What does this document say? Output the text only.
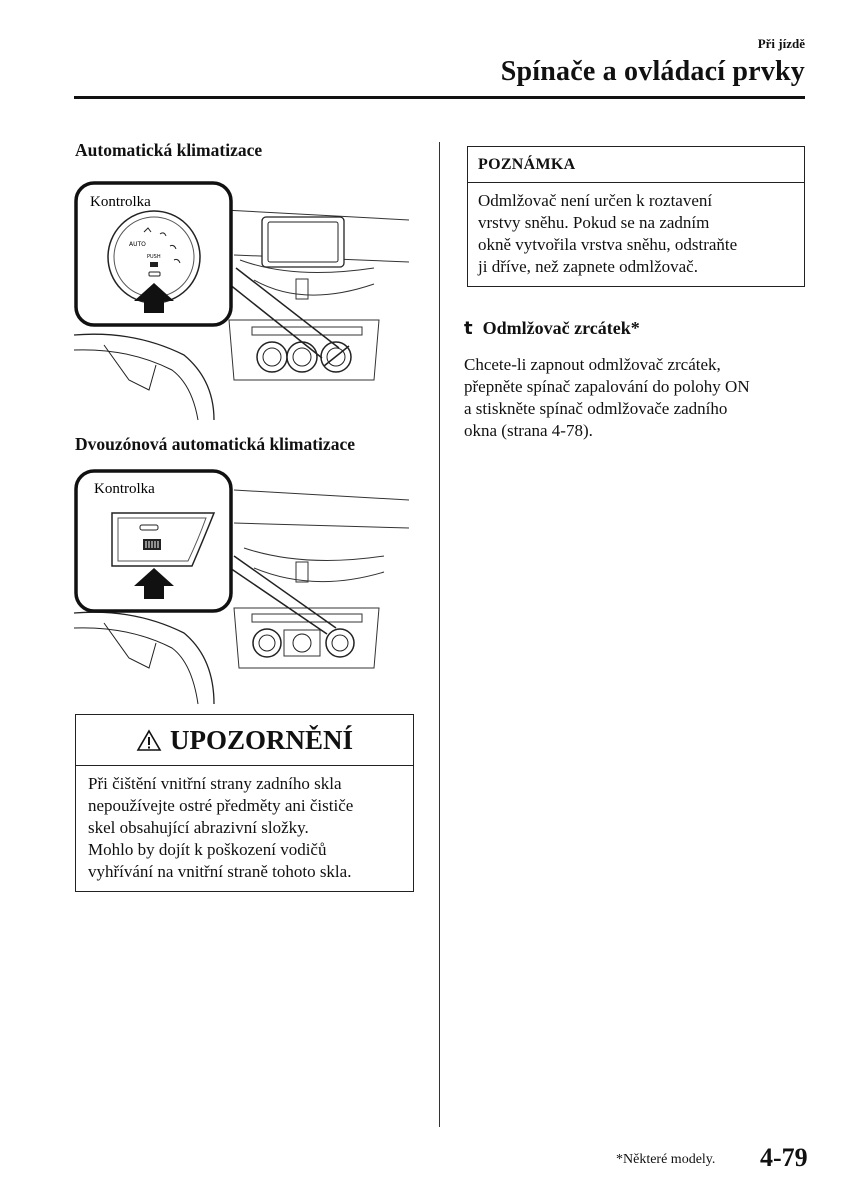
Při jízdě
Spínače a ovládací prvky
Automatická klimatizace
AUTO
PUSH
Kontrolka
Dvouzónová automatická klimatizace
Kontrolka
UPOZORNĚNÍ
Při čištění vnitřní strany zadního skla
nepoužívejte ostré předměty ani čističe
skel obsahující abrazivní složky.
Mohlo by dojít k poškození vodičů
vyhřívání na vnitřní straně tohoto skla.
POZNÁMKA
Odmlžovač není určen k roztavení
vrstvy sněhu. Pokud se na zadním
okně vytvořila vrstva sněhu, odstraňte
ji dříve, než zapnete odmlžovač.
t Odmlžovač zrcátek*
Chcete-li zapnout odmlžovač zrcátek,
přepněte spínač zapalování do polohy ON
a stiskněte spínač odmlžovače zadního
okna (strana 4-78).
*Některé modely. 4-79
